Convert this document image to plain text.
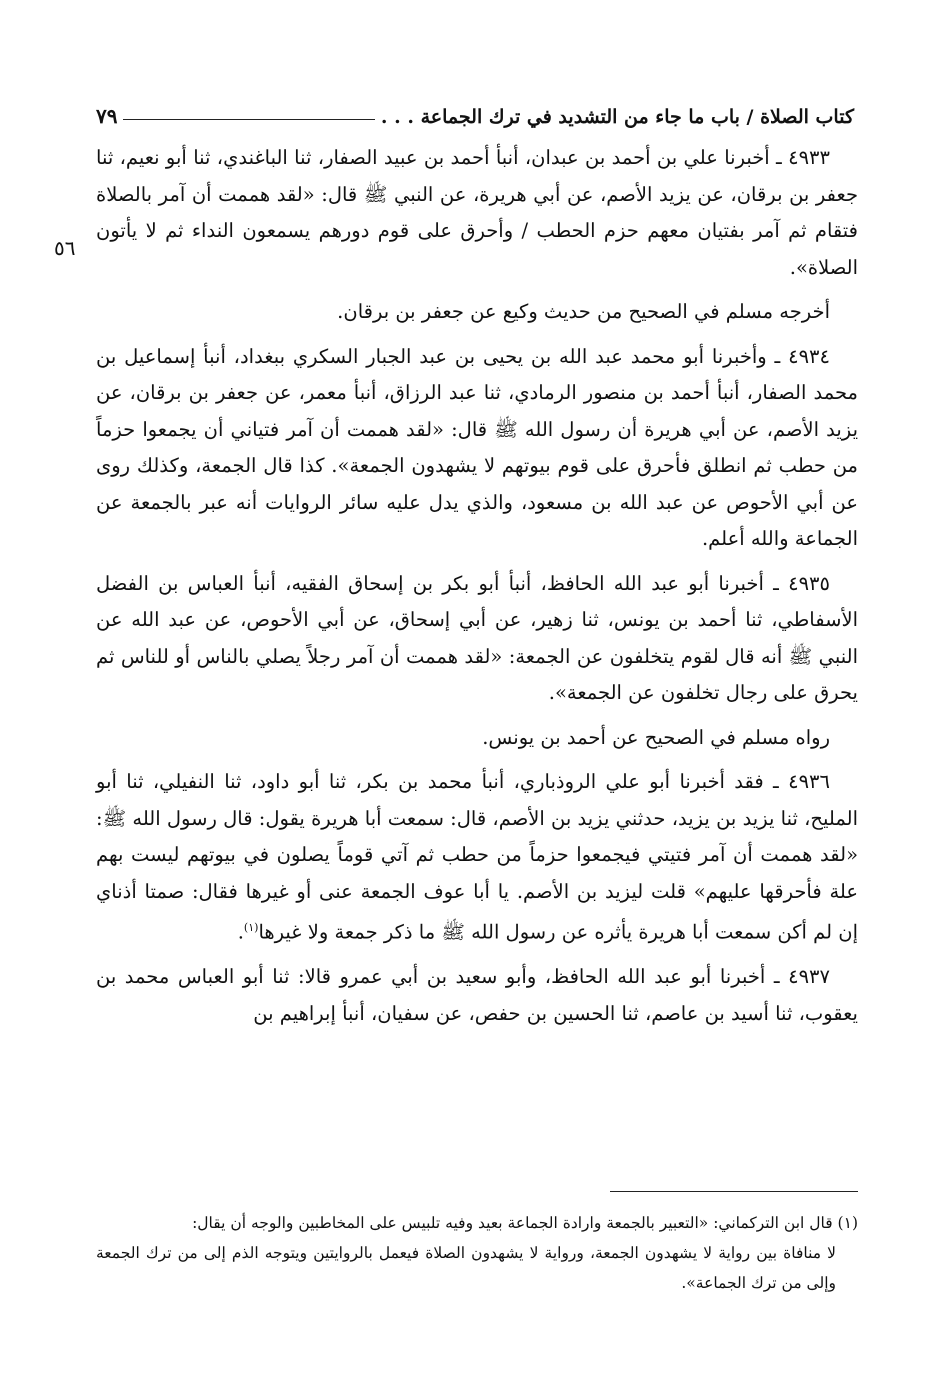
كتاب الصلاة / باب ما جاء من التشديد في ترك الجماعة . . .
٧٩
٥٦

٤٩٣٣ ـ أخبرنا علي بن أحمد بن عبدان، أنبأ أحمد بن عبيد الصفار، ثنا الباغندي، ثنا أبو نعيم، ثنا جعفر بن برقان، عن يزيد الأصم، عن أبي هريرة، عن النبي ﷺ قال: «لقد هممت أن آمر بالصلاة فتقام ثم آمر بفتيان معهم حزم الحطب / وأحرق على قوم دورهم يسمعون النداء ثم لا يأتون الصلاة».

أخرجه مسلم في الصحيح من حديث وكيع عن جعفر بن برقان.

٤٩٣٤ ـ وأخبرنا أبو محمد عبد الله بن يحيى بن عبد الجبار السكري ببغداد، أنبأ إسماعيل بن محمد الصفار، أنبأ أحمد بن منصور الرمادي، ثنا عبد الرزاق، أنبأ معمر، عن جعفر بن برقان، عن يزيد الأصم، عن أبي هريرة أن رسول الله ﷺ قال: «لقد هممت أن آمر فتياني أن يجمعوا حزماً من حطب ثم انطلق فأحرق على قوم بيوتهم لا يشهدون الجمعة». كذا قال الجمعة، وكذلك روى عن أبي الأحوص عن عبد الله بن مسعود، والذي يدل عليه سائر الروايات أنه عبر بالجمعة عن الجماعة والله أعلم.

٤٩٣٥ ـ أخبرنا أبو عبد الله الحافظ، أنبأ أبو بكر بن إسحاق الفقيه، أنبأ العباس بن الفضل الأسفاطي، ثنا أحمد بن يونس، ثنا زهير، عن أبي إسحاق، عن أبي الأحوص، عن عبد الله عن النبي ﷺ أنه قال لقوم يتخلفون عن الجمعة: «لقد هممت أن آمر رجلاً يصلي بالناس أو للناس ثم يحرق على رجال تخلفون عن الجمعة».

رواه مسلم في الصحيح عن أحمد بن يونس.

٤٩٣٦ ـ فقد أخبرنا أبو علي الروذباري، أنبأ محمد بن بكر، ثنا أبو داود، ثنا النفيلي، ثنا أبو المليح، ثنا يزيد بن يزيد، حدثني يزيد بن الأصم، قال: سمعت أبا هريرة يقول: قال رسول الله ﷺ: «لقد هممت أن آمر فتيتي فيجمعوا حزماً من حطب ثم آتي قوماً يصلون في بيوتهم ليست بهم علة فأحرقها عليهم» قلت ليزيد بن الأصم. يا أبا عوف الجمعة عنى أو غيرها فقال: صمتا أذناي إن لم أكن سمعت أبا هريرة يأثره عن رسول الله ﷺ ما ذكر جمعة ولا غيرها$^{(١)}$.

٤٩٣٧ ـ أخبرنا أبو عبد الله الحافظ، وأبو سعيد بن أبي عمرو قالا: ثنا أبو العباس محمد بن يعقوب، ثنا أسيد بن عاصم، ثنا الحسين بن حفص، عن سفيان، أنبأ إبراهيم بن

(١) قال ابن التركماني: «التعبير بالجمعة وارادة الجماعة بعيد وفيه تلبيس على المخاطبين والوجه أن يقال:
لا منافاة بين رواية لا يشهدون الجمعة، ورواية لا يشهدون الصلاة فيعمل بالروايتين ويتوجه الذم إلى من ترك الجمعة وإلى من ترك الجماعة».
